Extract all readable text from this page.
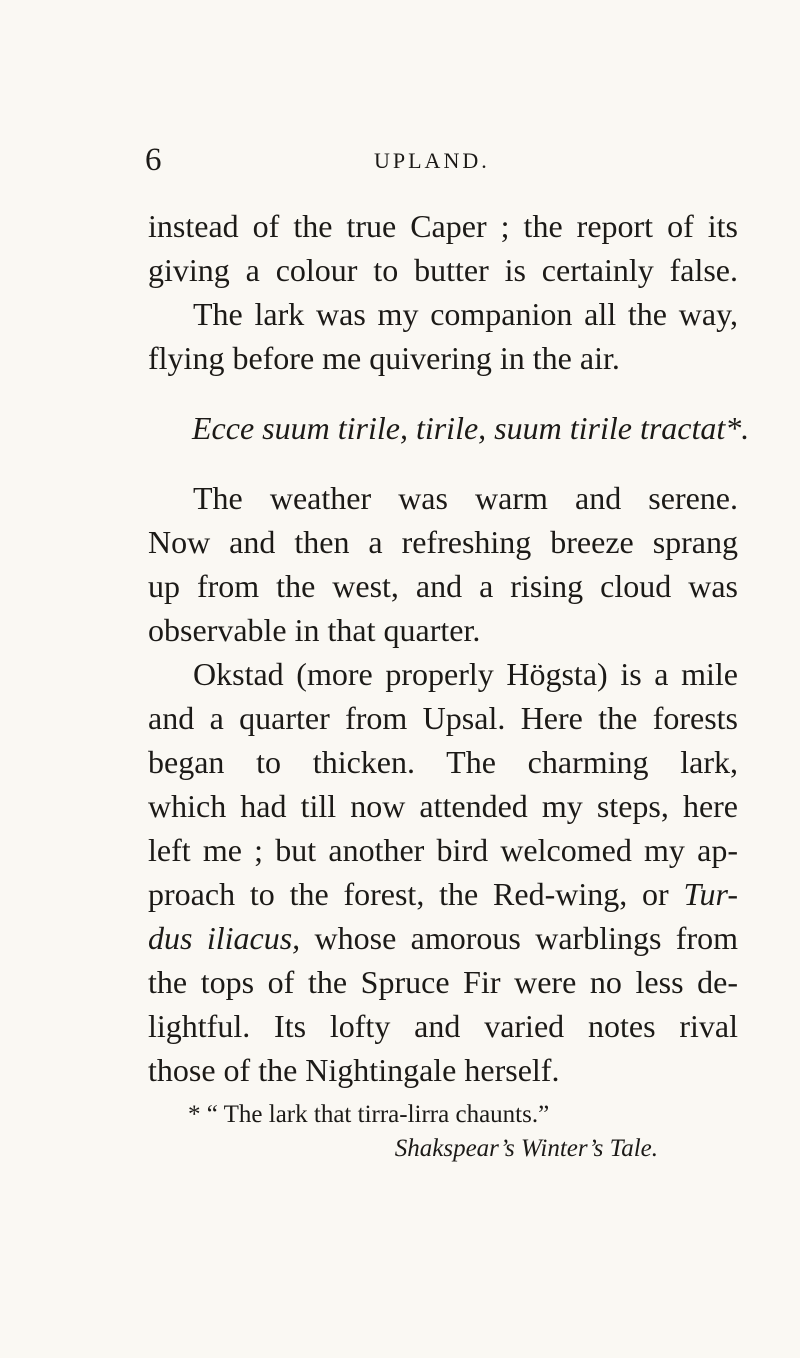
6	UPLAND.
instead of the true Caper ; the report of its
giving a colour to butter is certainly false.
The lark was my companion all the way,
flying before me quivering in the air.
Ecce suum tirile, tirile, suum tirile tractat*.
The weather was warm and serene.
Now and then a refreshing breeze sprang
up from the west, and a rising cloud was
observable in that quarter.
Okstad (more properly Högsta) is a mile
and a quarter from Upsal. Here the forests
began to thicken. The charming lark,
which had till now attended my steps, here
left me ; but another bird welcomed my ap-
proach to the forest, the Red-wing, or Tur-
dus iliacus, whose amorous warblings from
the tops of the Spruce Fir were no less de-
lightful. Its lofty and varied notes rival
those of the Nightingale herself.
* “ The lark that tirra-lirra chaunts.”
Shakspear’s Winter’s Tale.
